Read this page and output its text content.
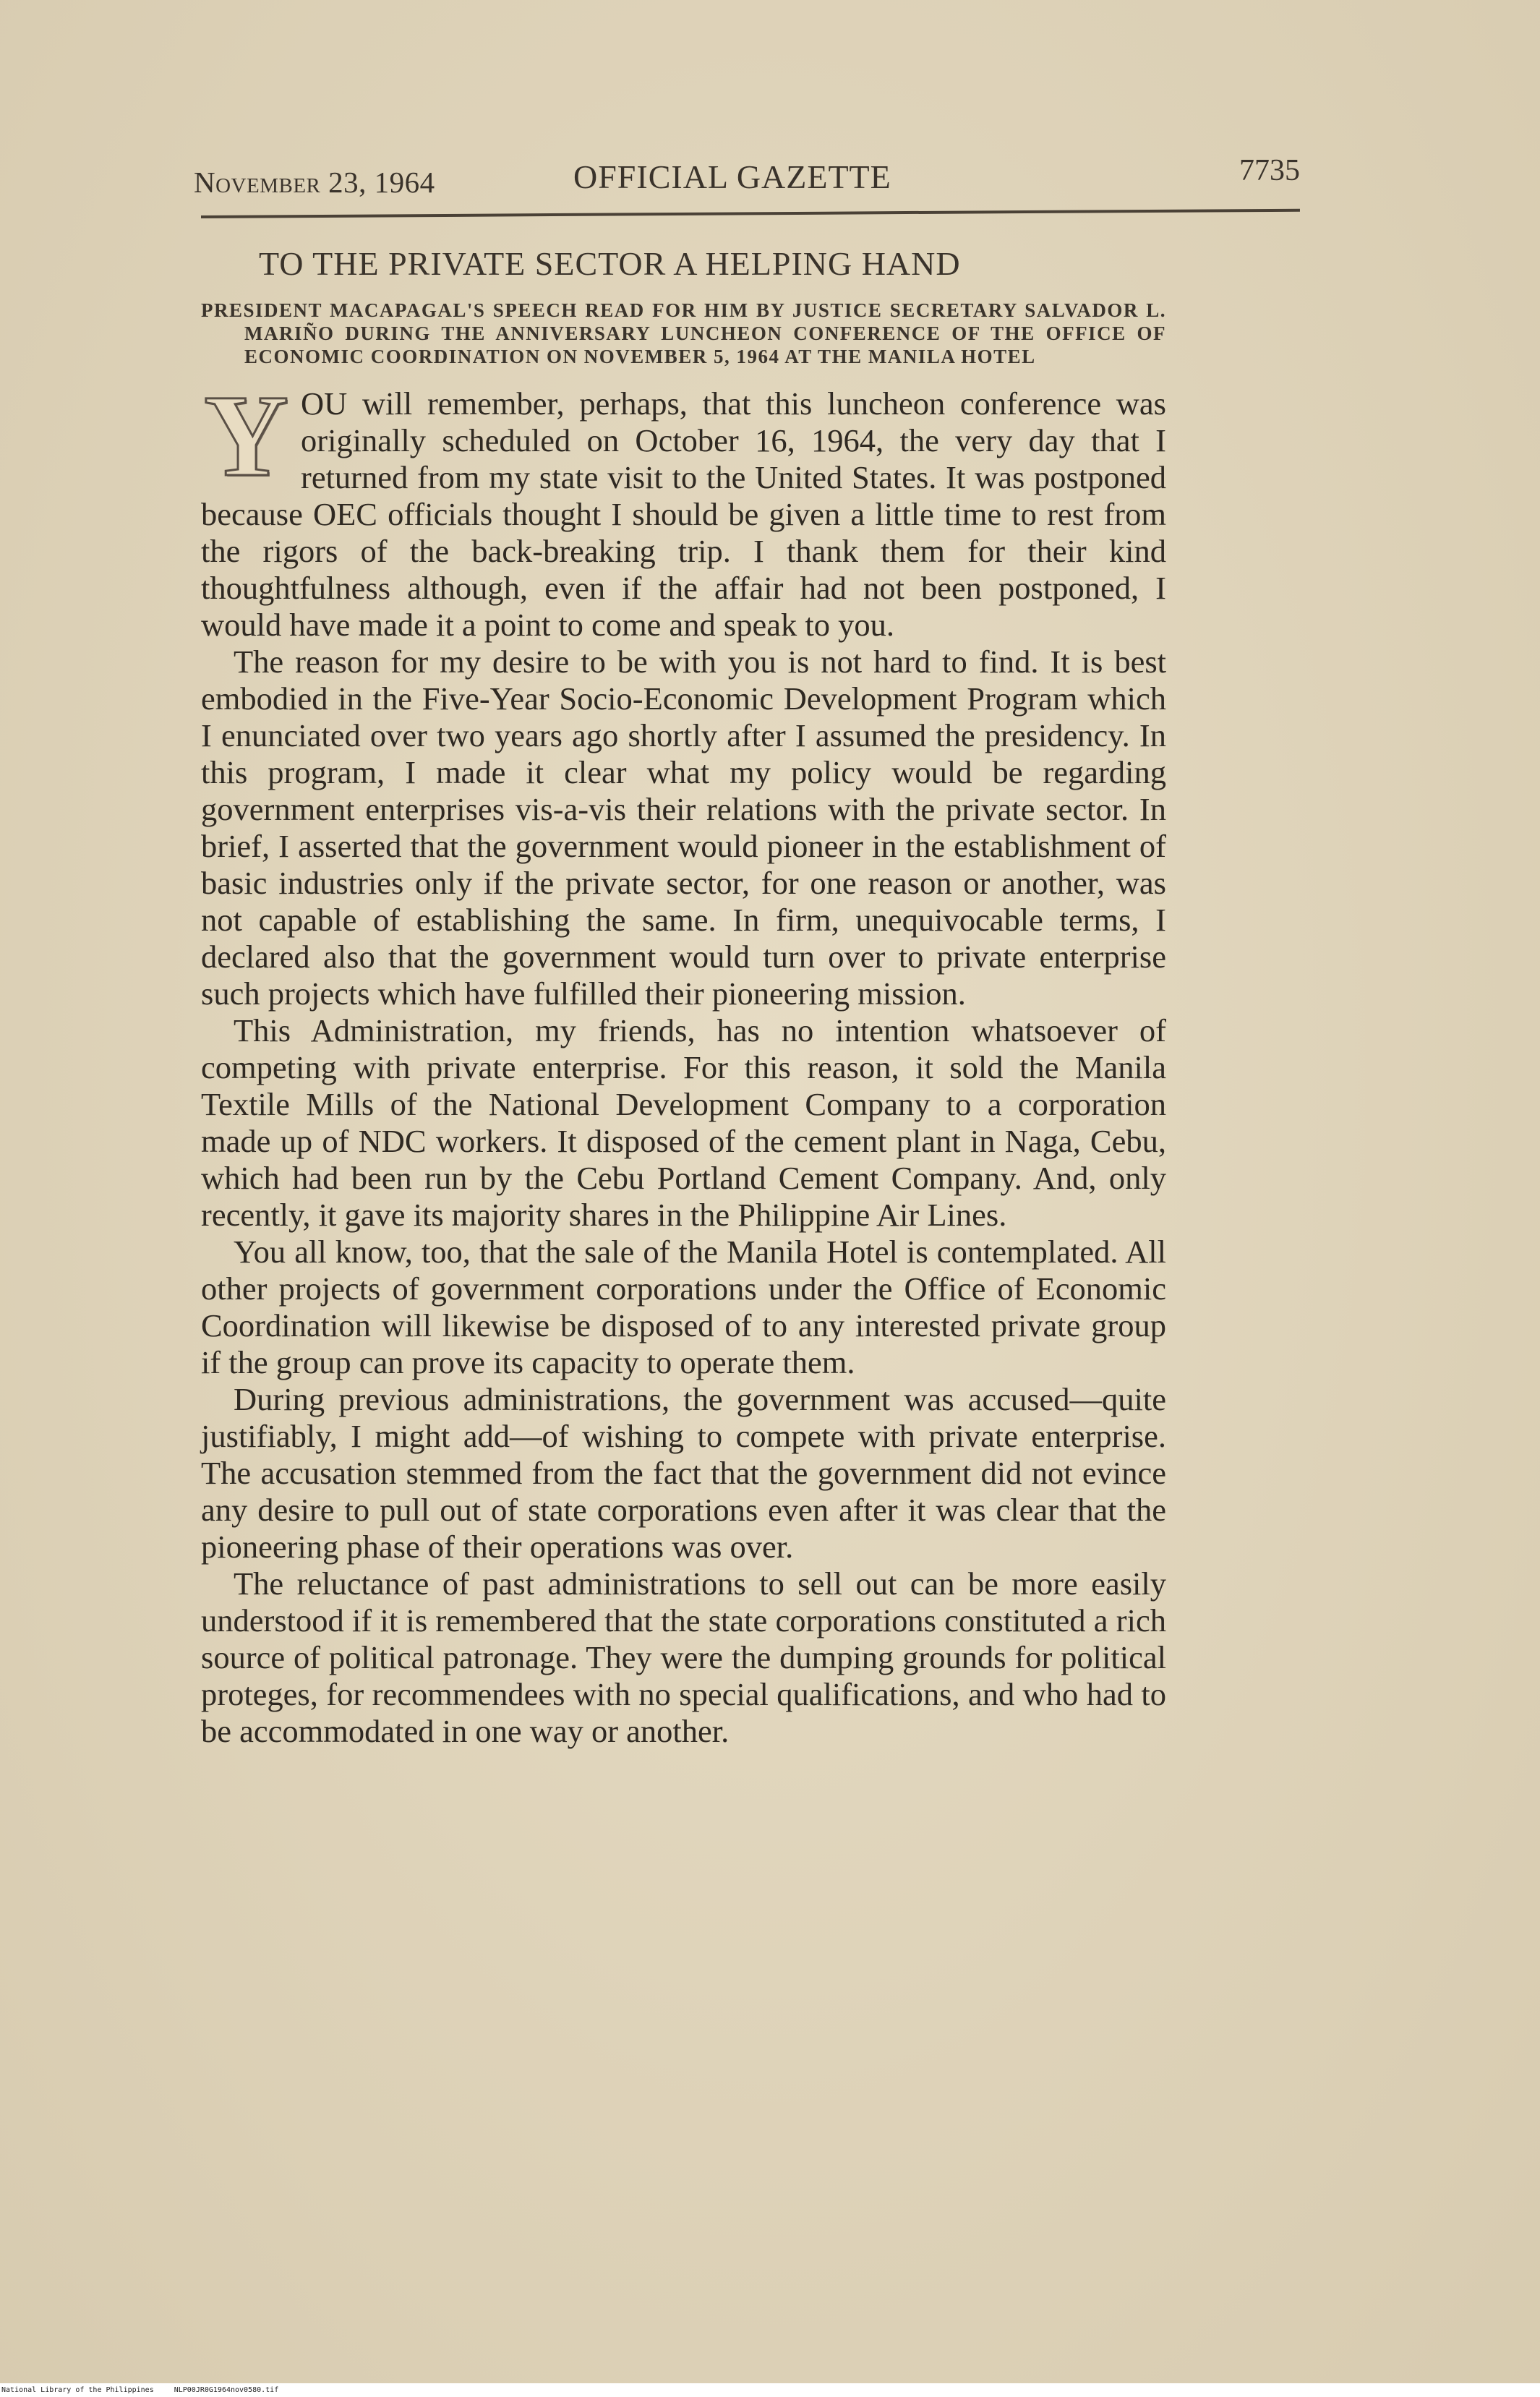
November 23, 1964	OFFICIAL GAZETTE	7735
TO THE PRIVATE SECTOR A HELPING HAND

PRESIDENT MACAPAGAL'S SPEECH READ FOR HIM BY JUSTICE SECRETARY SALVADOR L. MARIÑO DURING THE ANNIVERSARY LUNCHEON CONFERENCE OF THE OFFICE OF ECONOMIC COORDINATION ON NOVEMBER 5, 1964 AT THE MANILA HOTEL

Y OU will remember, perhaps, that this luncheon conference was originally scheduled on October 16, 1964, the very day that I returned from my state visit to the United States. It was postponed because OEC officials thought I should be given a little time to rest from the rigors of the back-breaking trip. I thank them for their kind thoughtfulness although, even if the affair had not been postponed, I would have made it a point to come and speak to you.

The reason for my desire to be with you is not hard to find. It is best embodied in the Five-Year Socio-Economic Development Program which I enunciated over two years ago shortly after I assumed the presidency. In this program, I made it clear what my policy would be regarding government enterprises vis-a-vis their relations with the private sector. In brief, I asserted that the government would pioneer in the establishment of basic industries only if the private sector, for one reason or another, was not capable of establishing the same. In firm, unequivocable terms, I declared also that the government would turn over to private enterprise such projects which have fulfilled their pioneering mission.

This Administration, my friends, has no intention whatsoever of competing with private enterprise. For this reason, it sold the Manila Textile Mills of the National Development Company to a corporation made up of NDC workers. It disposed of the cement plant in Naga, Cebu, which had been run by the Cebu Portland Cement Company. And, only recently, it gave its majority shares in the Philippine Air Lines.

You all know, too, that the sale of the Manila Hotel is contemplated. All other projects of government corporations under the Office of Economic Coordination will likewise be disposed of to any interested private group if the group can prove its capacity to operate them.

During previous administrations, the government was accused—quite justifiably, I might add—of wishing to compete with private enterprise. The accusation stemmed from the fact that the government did not evince any desire to pull out of state corporations even after it was clear that the pioneering phase of their operations was over.

The reluctance of past administrations to sell out can be more easily understood if it is remembered that the state corporations constituted a rich source of political patronage. They were the dumping grounds for political proteges, for recommendees with no special qualifications, and who had to be accommodated in one way or another.

National Library of the Philippines	NLP00JR0G1964nov0580.tif
